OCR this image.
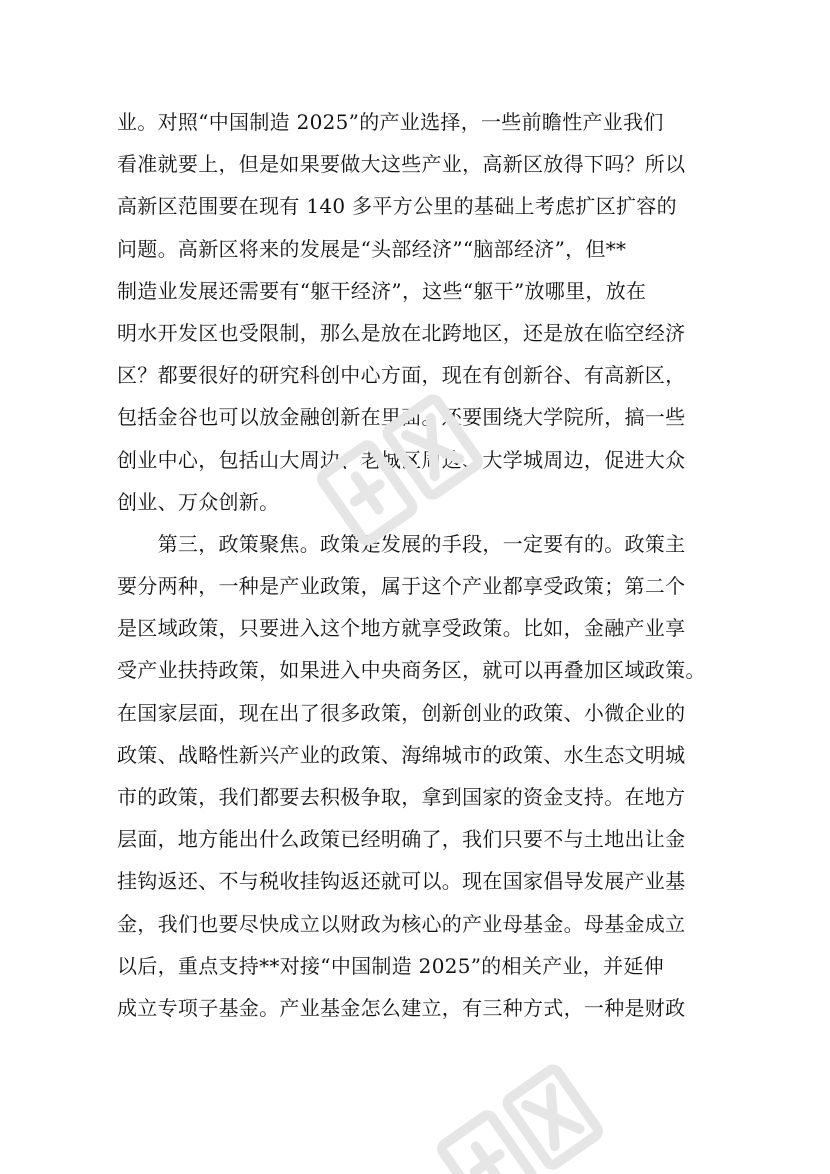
业。对照“中国制造 2025”的产业选择，一些前瞻性产业我们
看准就要上，但是如果要做大这些产业，高新区放得下吗？所以
高新区范围要在现有 140 多平方公里的基础上考虑扩区扩容的
问题。高新区将来的发展是“头部经济”“脑部经济”，但**
制造业发展还需要有“躯干经济”，这些“躯干”放哪里，放在
明水开发区也受限制，那么是放在北跨地区，还是放在临空经济
区？都要很好的研究科创中心方面，现在有创新谷、有高新区，
包括金谷也可以放金融创新在里面。还要围绕大学院所，搞一些
创业中心，包括山大周边、老城区周边、大学城周边，促进大众
创业、万众创新。
　　第三，政策聚焦。政策是发展的手段，一定要有的。政策主
要分两种，一种是产业政策，属于这个产业都享受政策；第二个
是区域政策，只要进入这个地方就享受政策。比如，金融产业享
受产业扶持政策，如果进入中央商务区，就可以再叠加区域政策。
在国家层面，现在出了很多政策，创新创业的政策、小微企业的
政策、战略性新兴产业的政策、海绵城市的政策、水生态文明城
市的政策，我们都要去积极争取，拿到国家的资金支持。在地方
层面，地方能出什么政策已经明确了，我们只要不与土地出让金
挂钩返还、不与税收挂钩返还就可以。现在国家倡导发展产业基
金，我们也要尽快成立以财政为核心的产业母基金。母基金成立
以后，重点支持**对接“中国制造 2025”的相关产业，并延伸
成立专项子基金。产业基金怎么建立，有三种方式，一种是财政
